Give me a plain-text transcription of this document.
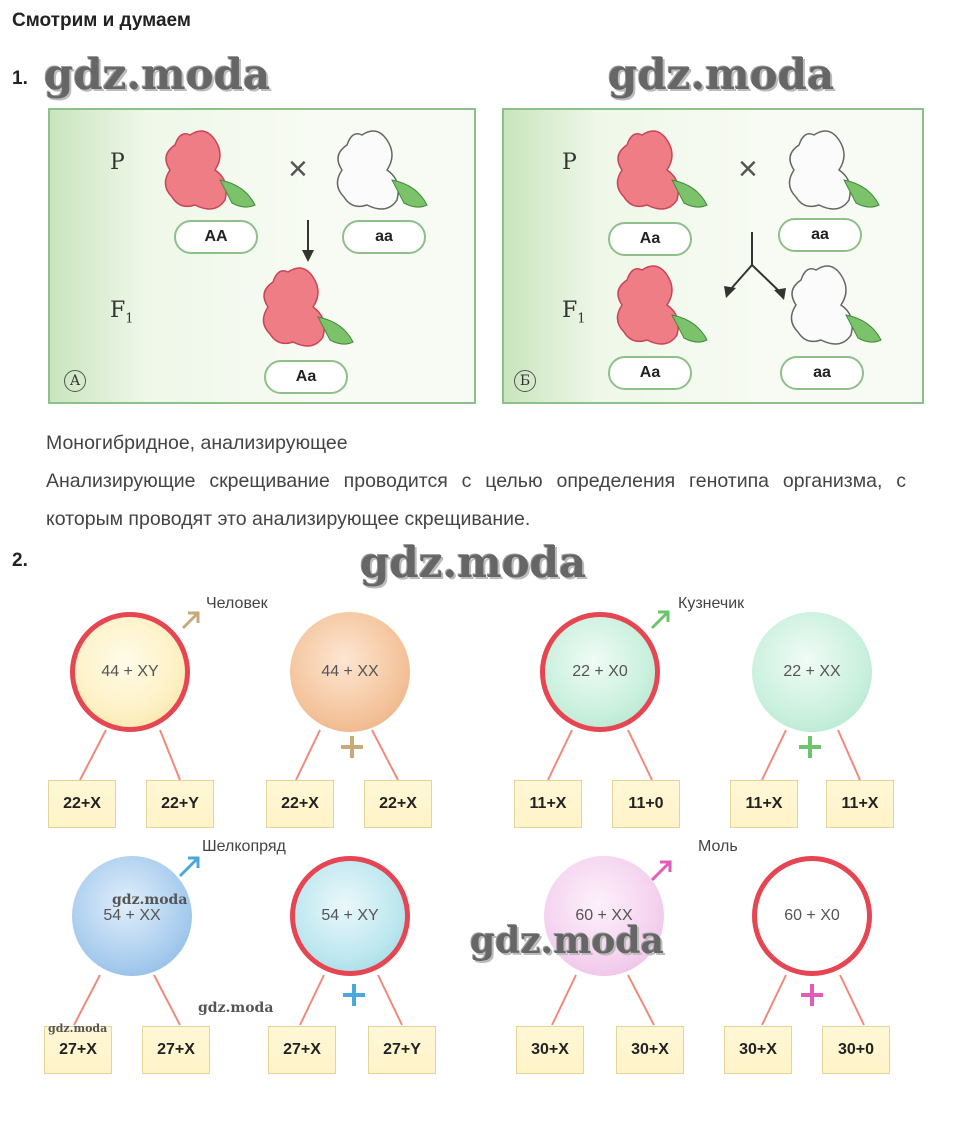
Смотрим и думаем
1. gdz.moda	gdz.moda
P
$F_1$
×
AA	aa
Aa
А
P
$F_1$
×
Aa	aa
Aa	aa
Б
Моногибридное, анализирующее
Анализирующие скрещивание проводится с целью определения генотипа организма, с которым проводят это анализирующее скрещивание.
2.	gdz.moda
Человек	Кузнечик
Шелкопряд	Моль
44 + XY	44 + XX	22 + X0	22 + XX
54 + XX	54 + XY	60 + XX	60 + X0
22+X	22+Y	22+X	22+X	11+X	11+0	11+X	11+X
27+X	27+X	27+X	27+Y	30+X	30+X	30+X	30+0
gdz.moda
gdz.moda
gdz.moda
gdz.moda
